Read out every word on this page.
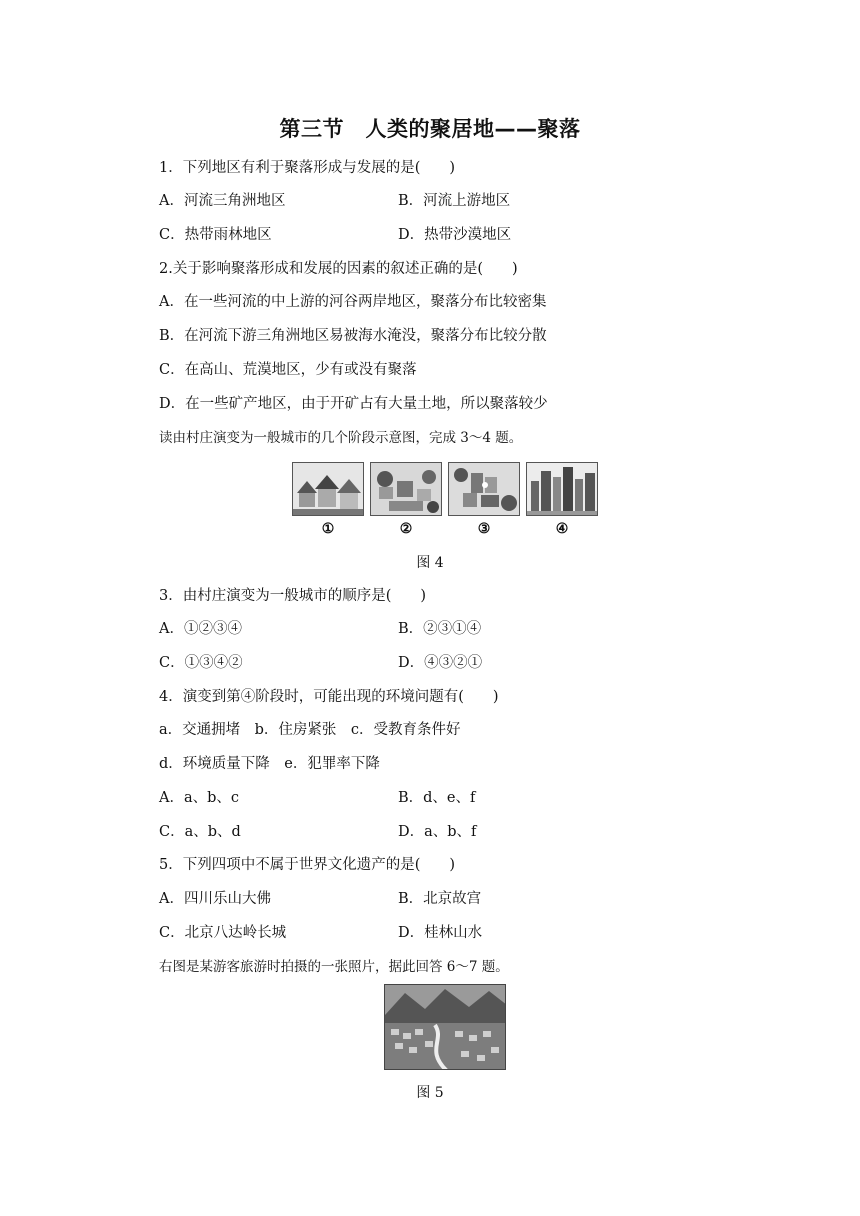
第三节　人类的聚居地——聚落
1．下列地区有利于聚落形成与发展的是(　　)
A．河流三角洲地区	B．河流上游地区
C．热带雨林地区	D．热带沙漠地区
2.关于影响聚落形成和发展的因素的叙述正确的是(　　)
A．在一些河流的中上游的河谷两岸地区，聚落分布比较密集
B．在河流下游三角洲地区易被海水淹没，聚落分布比较分散
C．在高山、荒漠地区，少有或没有聚落
D．在一些矿产地区，由于开矿占有大量土地，所以聚落较少
读由村庄演变为一般城市的几个阶段示意图，完成 3～4 题。
①	②	③	④
图 4
3．由村庄演变为一般城市的顺序是(　　)
A．①②③④	B．②③①④
C．①③④②	D．④③②①
4．演变到第④阶段时，可能出现的环境问题有(　　)
a．交通拥堵　b．住房紧张　c．受教育条件好
d．环境质量下降　e．犯罪率下降
A．a、b、c	B．d、e、f
C．a、b、d	D．a、b、f
5．下列四项中不属于世界文化遗产的是(　　)
A．四川乐山大佛	B．北京故宫
C．北京八达岭长城	D．桂林山水
右图是某游客旅游时拍摄的一张照片，据此回答 6～7 题。
图 5
